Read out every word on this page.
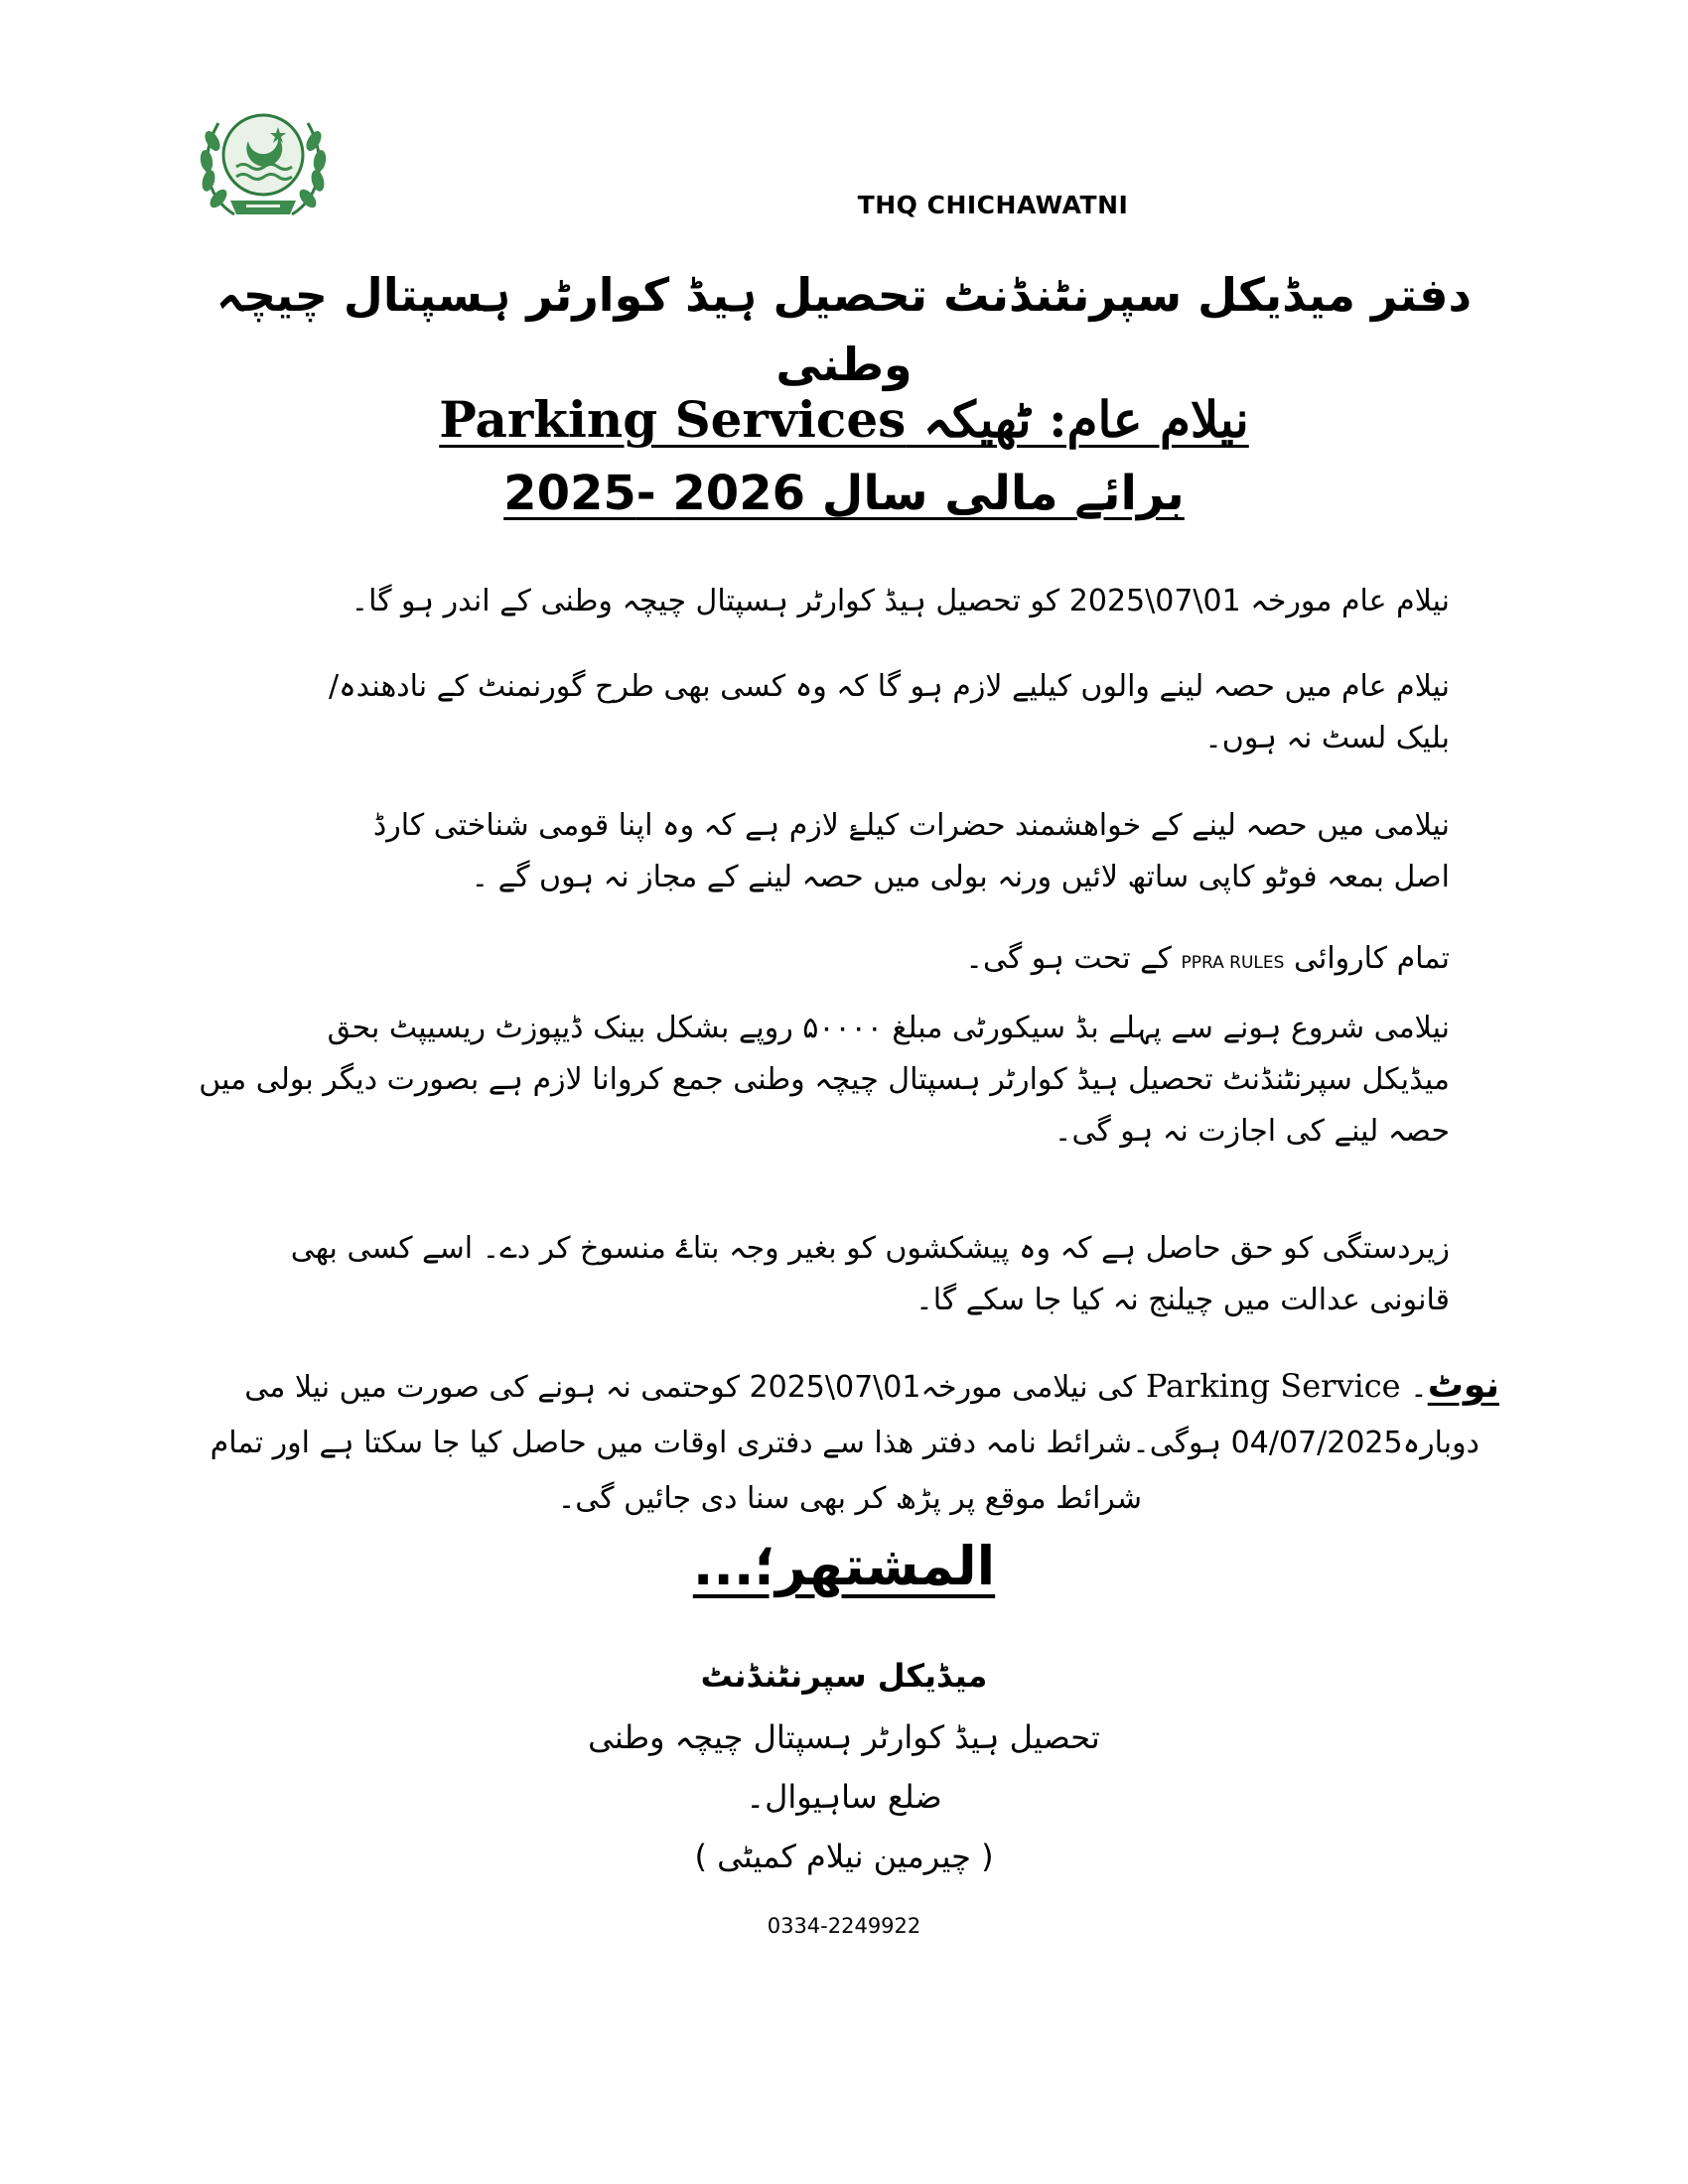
THQ CHICHAWATNI
دفتر میڈیکل سپرنٹنڈنٹ تحصیل ہیڈ کوارٹر ہسپتال چیچہ وطنی
نیلام عام: ٹھیکہ Parking Services
برائے مالی سال 2026 -2025
نیلام عام مورخہ 01\07\2025 کو تحصیل ہیڈ کوارٹر ہسپتال چیچہ وطنی کے اندر ہو گا۔
نیلام عام میں حصہ لینے والوں کیلیے لازم ہو گا کہ وہ کسی بھی طرح گورنمنٹ کے نادھندہ/
بلیک لسٹ نہ ہوں۔
نیلامی میں حصہ لینے کے خواھشمند حضرات کیلۓ لازم ہے کہ وہ اپنا قومی شناختی کارڈ
اصل بمعہ فوٹو کاپی ساتھ لائیں ورنہ بولی میں حصہ لینے کے مجاز نہ ہوں گے ۔
تمام کاروائی PPRA RULES کے تحت ہو گی۔
نیلامی شروع ہونے سے پہلے بڈ سیکورٹی مبلغ ۵۰۰۰۰ روپے بشکل بینک ڈیپوزٹ ریسیپٹ بحق
میڈیکل سپرنٹنڈنٹ تحصیل ہیڈ کوارٹر ہسپتال چیچہ وطنی جمع کروانا لازم ہے بصورت دیگر بولی میں
حصہ لینے کی اجازت نہ ہو گی۔
زیردستگی کو حق حاصل ہے کہ وہ پیشکشوں کو بغیر وجہ بتاۓ منسوخ کر دے۔ اسے کسی بھی
قانونی عدالت میں چیلنج نہ کیا جا سکے گا۔
نوٹ۔ Parking Service کی نیلامی مورخہ01\07\2025 کوحتمی نہ ہونے کی صورت میں نیلا می
دوبارہ04/07/2025 ہوگی۔شرائط نامہ دفتر ھذا سے دفتری اوقات میں حاصل کیا جا سکتا ہے اور تمام
شرائط موقع پر پڑھ کر بھی سنا دی جائیں گی۔
المشتھر؛...
میڈیکل سپرنٹنڈنٹ
تحصیل ہیڈ کوارٹر ہسپتال چیچہ وطنی
ضلع ساہیوال۔
( چیرمین نیلام کمیٹی )
0334-2249922
